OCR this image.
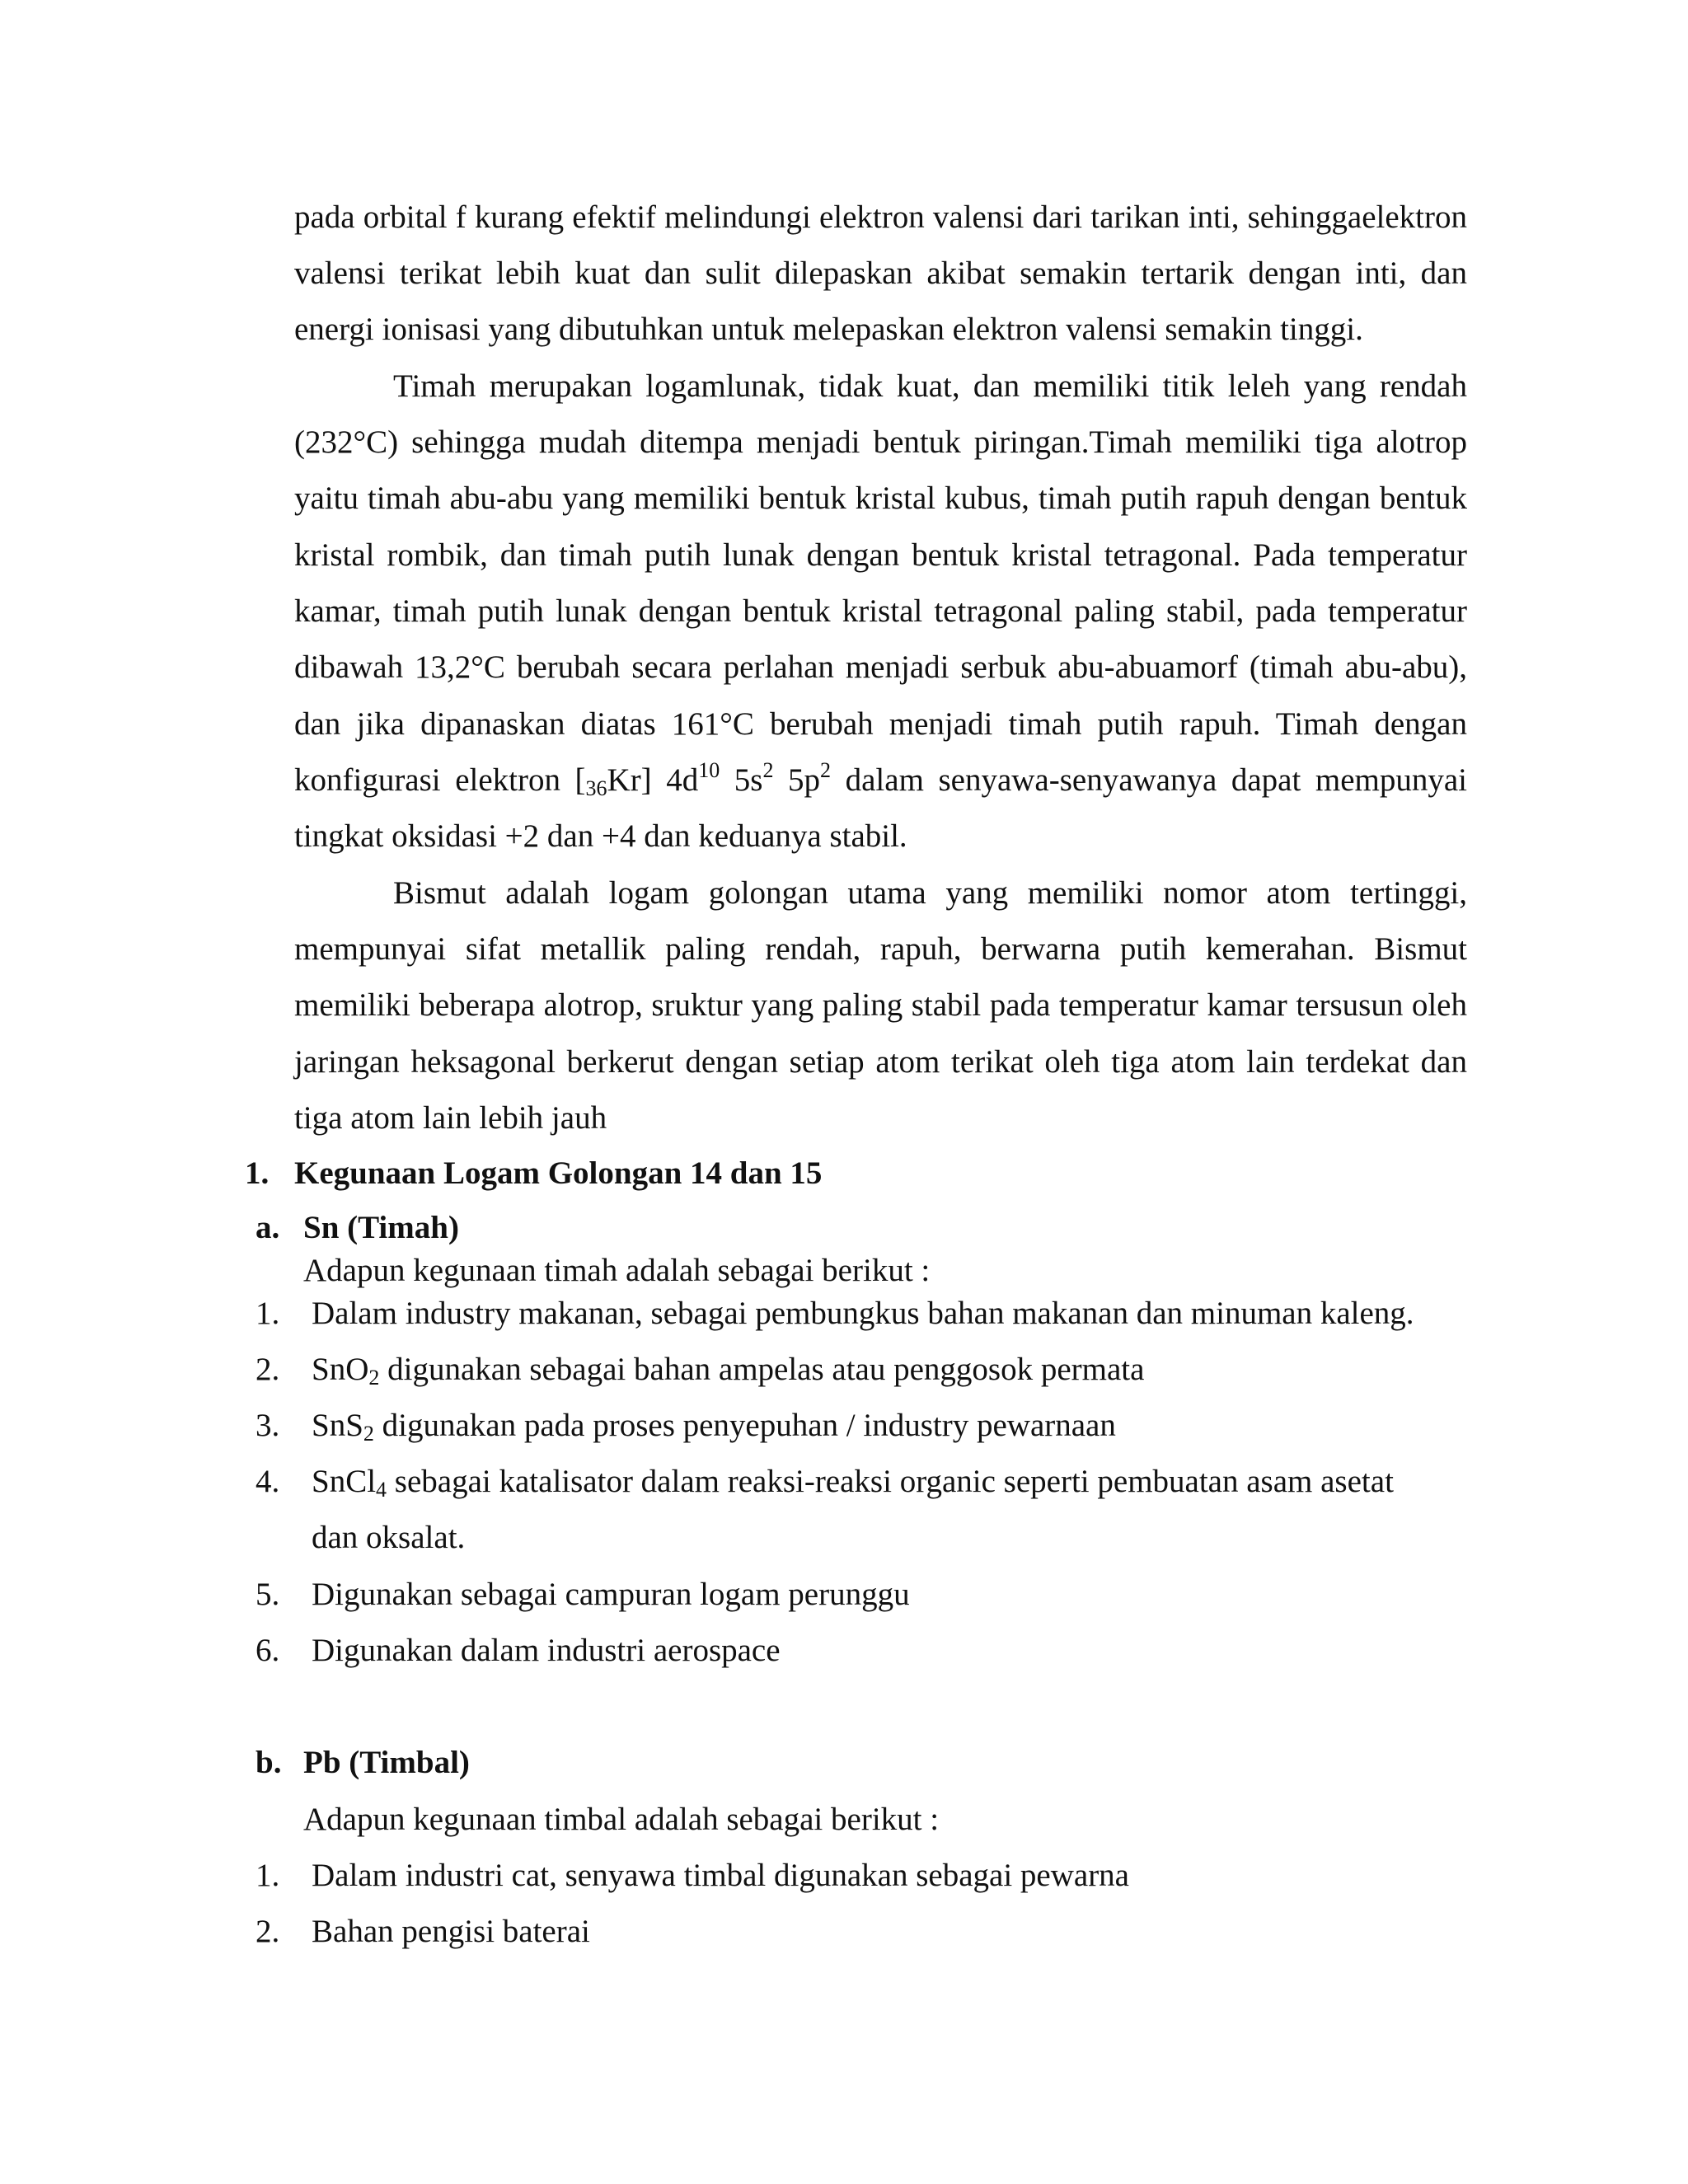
pada orbital f kurang efektif melindungi elektron valensi dari tarikan inti, sehinggaelektron
valensi terikat lebih kuat dan sulit dilepaskan akibat semakin tertarik dengan inti, dan
energi ionisasi yang dibutuhkan untuk melepaskan elektron valensi semakin tinggi.
Timah merupakan logamlunak, tidak kuat, dan memiliki titik leleh yang rendah
(232°C) sehingga mudah ditempa menjadi bentuk piringan.Timah memiliki tiga alotrop
yaitu timah abu-abu yang memiliki bentuk kristal kubus, timah putih rapuh dengan bentuk
kristal rombik, dan timah putih lunak dengan bentuk kristal tetragonal. Pada temperatur
kamar, timah putih lunak dengan bentuk kristal tetragonal paling stabil, pada temperatur
dibawah 13,2°C berubah secara perlahan menjadi serbuk abu-abuamorf (timah abu-abu),
dan jika dipanaskan diatas 161°C berubah menjadi timah putih rapuh. Timah dengan
konfigurasi elektron $[_{36}Kr]$ $4d^{10}$ $5s^2$ $5p^2$ dalam senyawa-senyawanya dapat mempunyai
tingkat oksidasi +2 dan +4 dan keduanya stabil.
Bismut adalah logam golongan utama yang memiliki nomor atom tertinggi,
mempunyai sifat metallik paling rendah, rapuh, berwarna putih kemerahan. Bismut
memiliki beberapa alotrop, sruktur yang paling stabil pada temperatur kamar tersusun oleh
jaringan heksagonal berkerut dengan setiap atom terikat oleh tiga atom lain terdekat dan
tiga atom lain lebih jauh
1. Kegunaan Logam Golongan 14 dan 15
a. Sn (Timah)
Adapun kegunaan timah adalah sebagai berikut :
1. Dalam industry makanan, sebagai pembungkus bahan makanan dan minuman kaleng.
2. SnO$_2$ digunakan sebagai bahan ampelas atau penggosok permata
3. SnS$_2$ digunakan pada proses penyepuhan / industry pewarnaan
4. SnCl$_4$ sebagai katalisator dalam reaksi-reaksi organic seperti pembuatan asam asetat
dan oksalat.
5. Digunakan sebagai campuran logam perunggu
6. Digunakan dalam industri aerospace
b. Pb (Timbal)
Adapun kegunaan timbal adalah sebagai berikut :
1. Dalam industri cat, senyawa timbal digunakan sebagai pewarna
2. Bahan pengisi baterai
